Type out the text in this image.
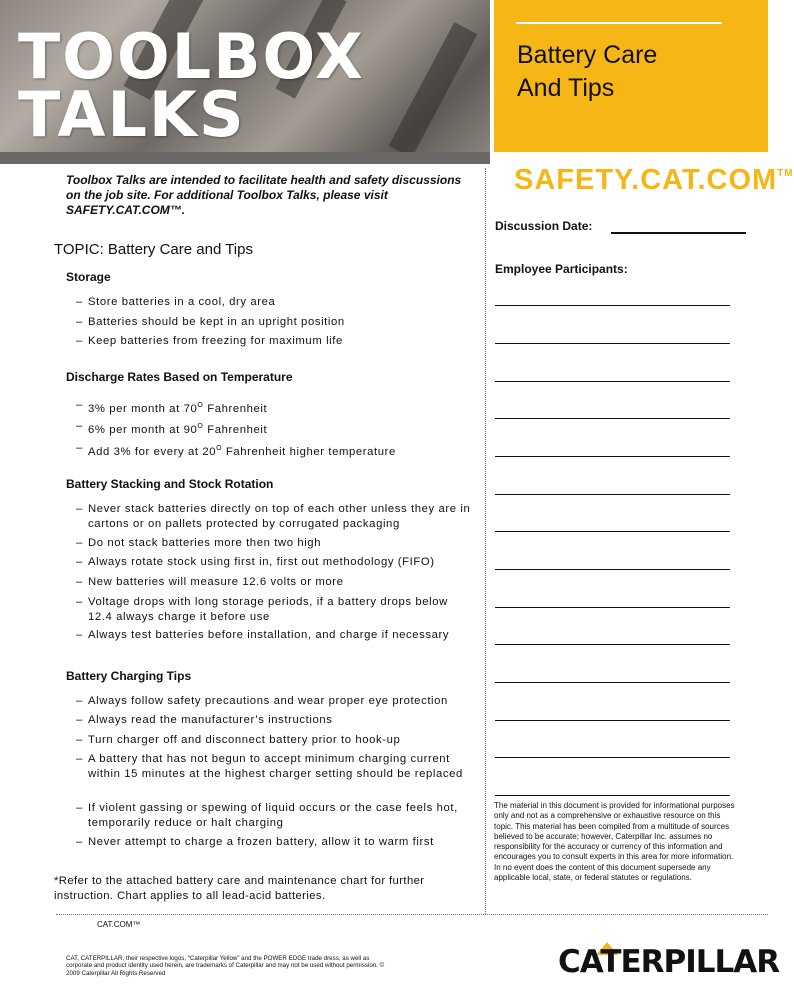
TOOLBOX
TALKS
Battery Care
And Tips
SAFETY.CAT.COM™
Toolbox Talks are intended to facilitate health and safety discussions on the job site. For additional Toolbox Talks, please visit SAFETY.CAT.COM™.
Discussion Date:
Employee Participants:
The material in this document is provided for informational purposes only and not as a comprehensive or exhaustive resource on this topic. This material has been compiled from a multitude of sources believed to be accurate; however, Caterpillar Inc. assumes no responsibility for the accuracy or currency of this information and encourages you to consult experts in this area for more information. In no event does the content of this document supersede any applicable local, state, or federal statutes or regulations.
TOPIC: Battery Care and Tips
Storage
– Store batteries in a cool, dry area
– Batteries should be kept in an upright position
– Keep batteries from freezing for maximum life
Discharge Rates Based on Temperature
– 3% per month at $70^O$ Fahrenheit
– 6% per month at $90^O$ Fahrenheit
– Add 3% for every at $20^O$ Fahrenheit higher temperature
Battery Stacking and Stock Rotation
– Never stack batteries directly on top of each other unless they are in cartons or on pallets protected by corrugated packaging
– Do not stack batteries more then two high
– Always rotate stock using first in, first out methodology (FIFO)
– New batteries will measure 12.6 volts or more
– Voltage drops with long storage periods, if a battery drops below 12.4 always charge it before use
– Always test batteries before installation, and charge if necessary
Battery Charging Tips
– Always follow safety precautions and wear proper eye protection
– Always read the manufacturer’s instructions
– Turn charger off and disconnect battery prior to hook-up
– A battery that has not begun to accept minimum charging current within 15 minutes at the highest charger setting should be replaced
– If violent gassing or spewing of liquid occurs or the case feels hot, temporarily reduce or halt charging
– Never attempt to charge a frozen battery, allow it to warm first
*Refer to the attached battery care and maintenance chart for further instruction. Chart applies to all lead-acid batteries.
CAT.COM™
CAT, CATERPILLAR, their respective logos, “Caterpillar Yellow” and the POWER EDGE trade dress, as well as corporate and product identity used herein, are trademarks of Caterpillar and may not be used without permission. © 2009 Caterpillar All Rights Reserved	CATERPILLAR
